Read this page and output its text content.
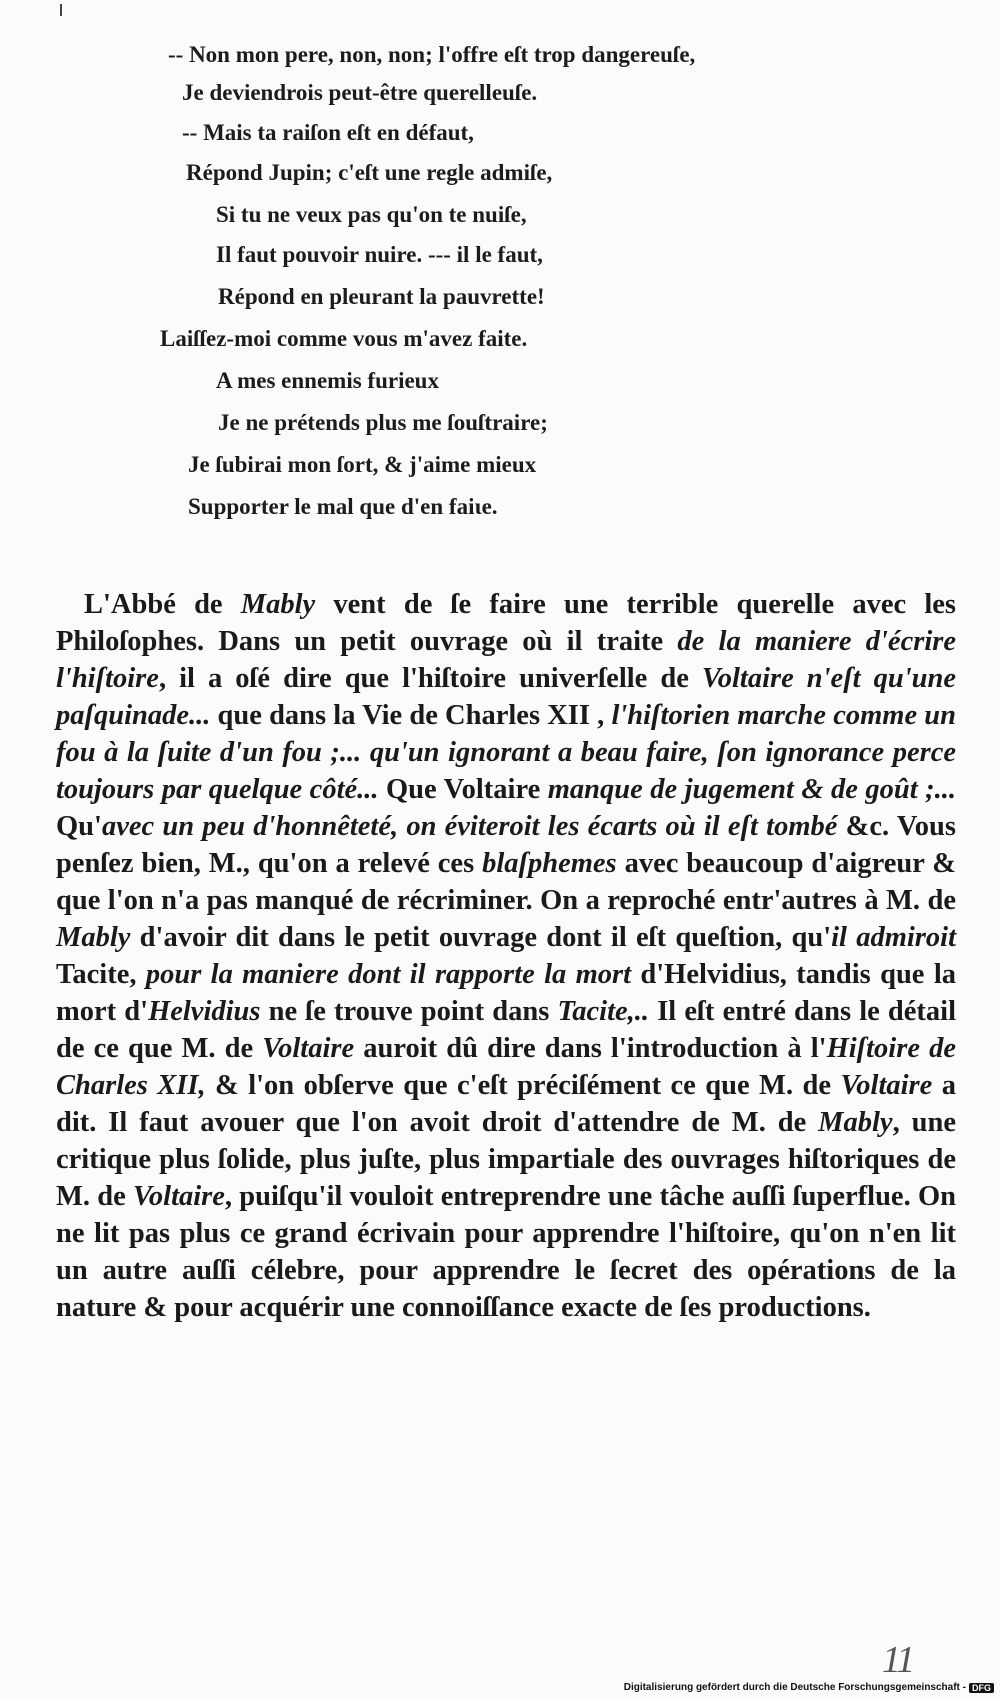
-- Non mon pere, non, non; l'offre eſt trop dangereuſe,
Je deviendrois peut-être querelleuſe.
-- Mais ta raiſon eſt en défaut,
Répond Jupin; c'eſt une regle admiſe,
Si tu ne veux pas qu'on te nuiſe,
Il faut pouvoir nuire. --- il le faut,
Répond en pleurant la pauvrette!
Laiſſez-moi comme vous m'avez faite.
A mes ennemis furieux
Je ne prétends plus me ſouſtraire;
Je ſubirai mon ſort, & j'aime mieux
Supporter le mal que d'en faiɩe.

L'Abbé de Mably vent de ſe faire une terrible querelle avec les Philoſophes. Dans un petit ouvrage où il traite de la maniere d'écrire l'hiſtoire, il a oſé dire que l'hiſtoire univerſelle de Voltaire n'eſt qu'une paſquinade... que dans la Vie de Charles XII , l'hiſtorien marche comme un fou à la ſuite d'un fou ;... qu'un ignorant a beau faire, ſon ignorance perce toujours par quelque côté... Que Voltaire manque de jugement & de goût ;... Qu'avec un peu d'honnêteté, on éviteroit les écarts où il eſt tombé &c. Vous penſez bien, M., qu'on a relevé ces blaſphemes avec beaucoup d'aigreur & que l'on n'a pas manqué de récriminer. On a reproché entr'autres à M. de Mably d'avoir dit dans le petit ouvrage dont il eſt queſtion, qu'il admiroit Tacite, pour la maniere dont il rapporte la mort d'Helvidius, tandis que la mort d'Helvidius ne ſe trouve point dans Tacite,.. Il eſt entré dans le détail de ce que M. de Voltaire auroit dû dire dans l'introduction à l'Hiſtoire de Charles XII, & l'on obſerve que c'eſt préciſément ce que M. de Voltaire a dit. Il faut avouer que l'on avoit droit d'attendre de M. de Mably, une critique plus ſolide, plus juſte, plus impartiale des ouvrages hiſtoriques de M. de Voltaire, puiſqu'il vouloit entreprendre une tâche auſſi ſuperflue. On ne lit pas plus ce grand écrivain pour apprendre l'hiſtoire, qu'on n'en lit un autre auſſi célebre, pour apprendre le ſecret des opérations de la nature & pour acquérir une connoiſſance exacte de ſes productions.

11
Digitalisierung gefördert durch die Deutsche Forschungsgemeinschaft - DFG
